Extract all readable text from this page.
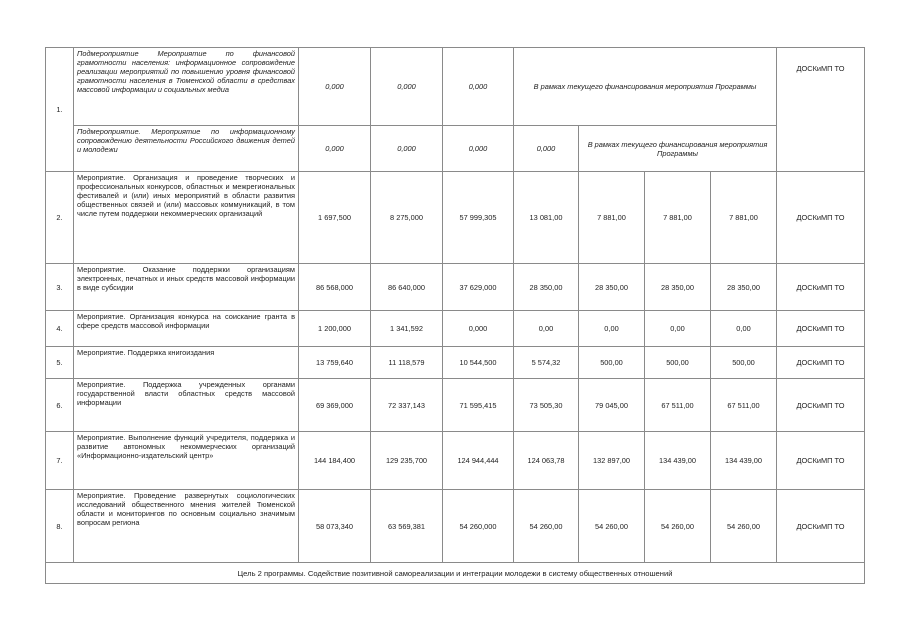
1.	Подмероприятие Мероприятие по финансовой грамотности населения: информационное сопровождение реализации мероприятий по повышению уровня финансовой грамотности населения в Тюменской области в средствах массовой информации и социальных медиа	0,000	0,000	0,000	В рамках текущего финансирования мероприятия Программы				ДОСКиМП ТО
	Подмероприятие. Мероприятие по информационному сопровождению деятельности Российского движения детей и молодежи	0,000	0,000	0,000	0,000	В рамках текущего финансирования мероприятия Программы			
2.	Мероприятие. Организация и проведение творческих и профессиональных конкурсов, областных и межрегиональных фестивалей и (или) иных мероприятий в области развития общественных связей и (или) массовых коммуникаций, в том числе путем поддержки некоммерческих организаций	1 697,500	8 275,000	57 999,305	13 081,00	7 881,00	7 881,00	7 881,00	ДОСКиМП ТО
3.	Мероприятие. Оказание поддержки организациям электронных, печатных и иных средств массовой информации в виде субсидии	86 568,000	86 640,000	37 629,000	28 350,00	28 350,00	28 350,00	28 350,00	ДОСКиМП ТО
4.	Мероприятие. Организация конкурса на соискание гранта в сфере средств массовой информации	1 200,000	1 341,592	0,000	0,00	0,00	0,00	0,00	ДОСКиМП ТО
5.	Мероприятие. Поддержка книгоиздания	13 759,640	11 118,579	10 544,500	5 574,32	500,00	500,00	500,00	ДОСКиМП ТО
6.	Мероприятие. Поддержка учрежденных органами государственной власти областных средств массовой информации	69 369,000	72 337,143	71 595,415	73 505,30	79 045,00	67 511,00	67 511,00	ДОСКиМП ТО
7.	Мероприятие. Выполнение функций учредителя, поддержка и развитие автономных некоммерческих организаций «Информационно-издательский центр»	144 184,400	129 235,700	124 944,444	124 063,78	132 897,00	134 439,00	134 439,00	ДОСКиМП ТО
8.	Мероприятие. Проведение развернутых социологических исследований общественного мнения жителей Тюменской области и мониторингов по основным социально значимым вопросам региона	58 073,340	63 569,381	54 260,000	54 260,00	54 260,00	54 260,00	54 260,00	ДОСКиМП ТО
Цель 2 программы. Содействие позитивной самореализации и интеграции молодежи в систему общественных отношений									
